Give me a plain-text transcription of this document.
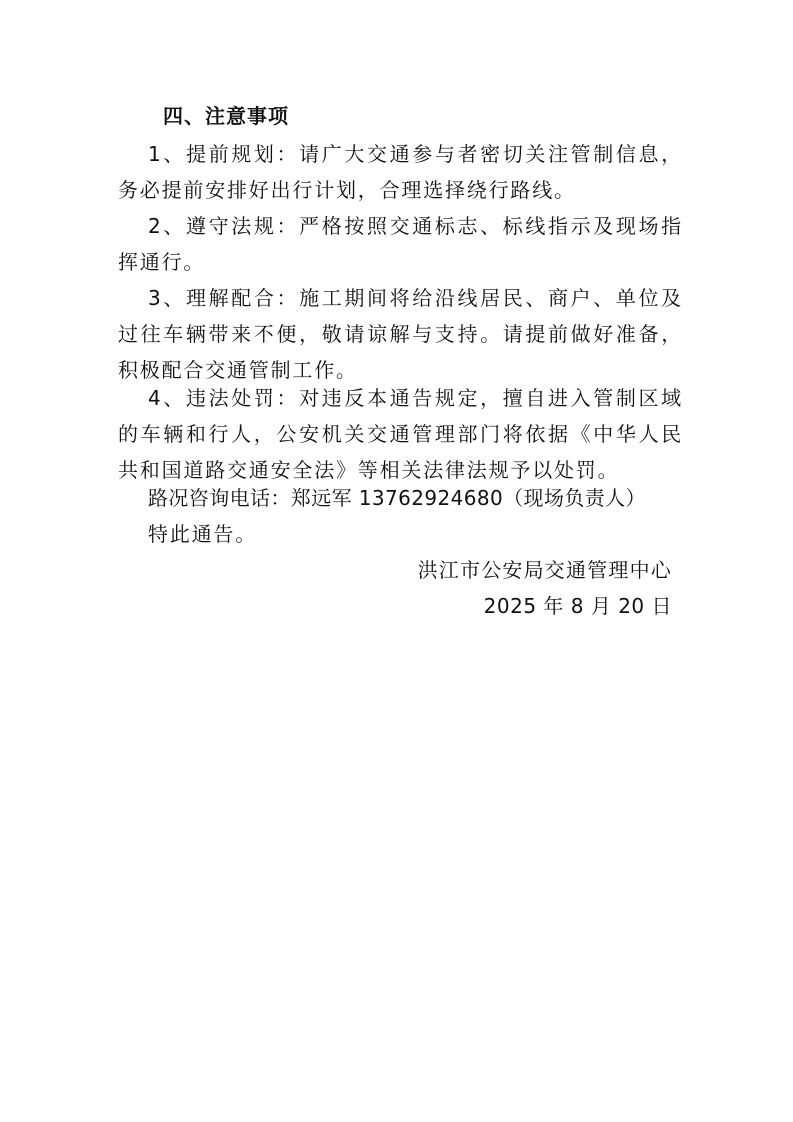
四、注意事项

1、提前规划：请广大交通参与者密切关注管制信息，务必提前安排好出行计划，合理选择绕行路线。

2、遵守法规：严格按照交通标志、标线指示及现场指挥通行。

3、理解配合：施工期间将给沿线居民、商户、单位及过往车辆带来不便，敬请谅解与支持。请提前做好准备，积极配合交通管制工作。

4、违法处罚：对违反本通告规定，擅自进入管制区域的车辆和行人，公安机关交通管理部门将依据《中华人民共和国道路交通安全法》等相关法律法规予以处罚。

路况咨询电话：郑远军 13762924680（现场负责人）
特此通告。
洪江市公安局交通管理中心
2025 年 8 月 20 日
